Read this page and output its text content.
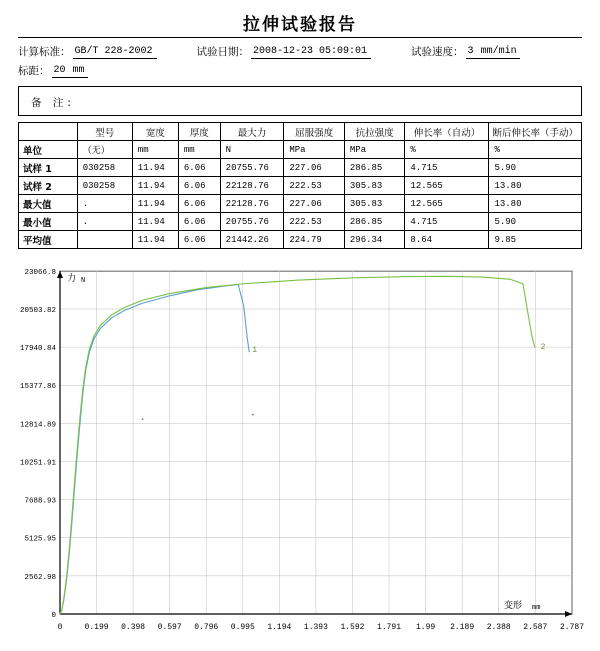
拉伸试验报告
计算标准： GB/T 228-2002	试验日期： 2008-12-23 05:09:01	试验速度： 3 mm/min
标距： 20 mm
备 注:
	型号	宽度	厚度	最大力	屈服强度	抗拉强度	伸长率（自动）	断后伸长率（手动）
单位	（无）	mm	mm	N	MPa	MPa	%	%
试样 1	030258	11.94	6.06	20755.76	227.06	286.85	4.715	5.90
试样 2	030258	11.94	6.06	22128.76	222.53	305.83	12.565	13.80
最大值	.	11.94	6.06	22128.76	227.06	305.83	12.565	13.80
最小值	.	11.94	6.06	20755.76	222.53	286.85	4.715	5.90
平均值		11.94	6.06	21442.26	224.79	296.34	8.64	9.85
0	0.199 0.398 0.597 0.796 0.995 1.194 1.393 1.592 1.791 1.99 2.189 2.388 2.587 2.787
0
2562.98
5125.95
7688.93
10251.91
12814.89
15377.86
17940.84
20503.82
23066.8
力 N
变形 mm
1	2
